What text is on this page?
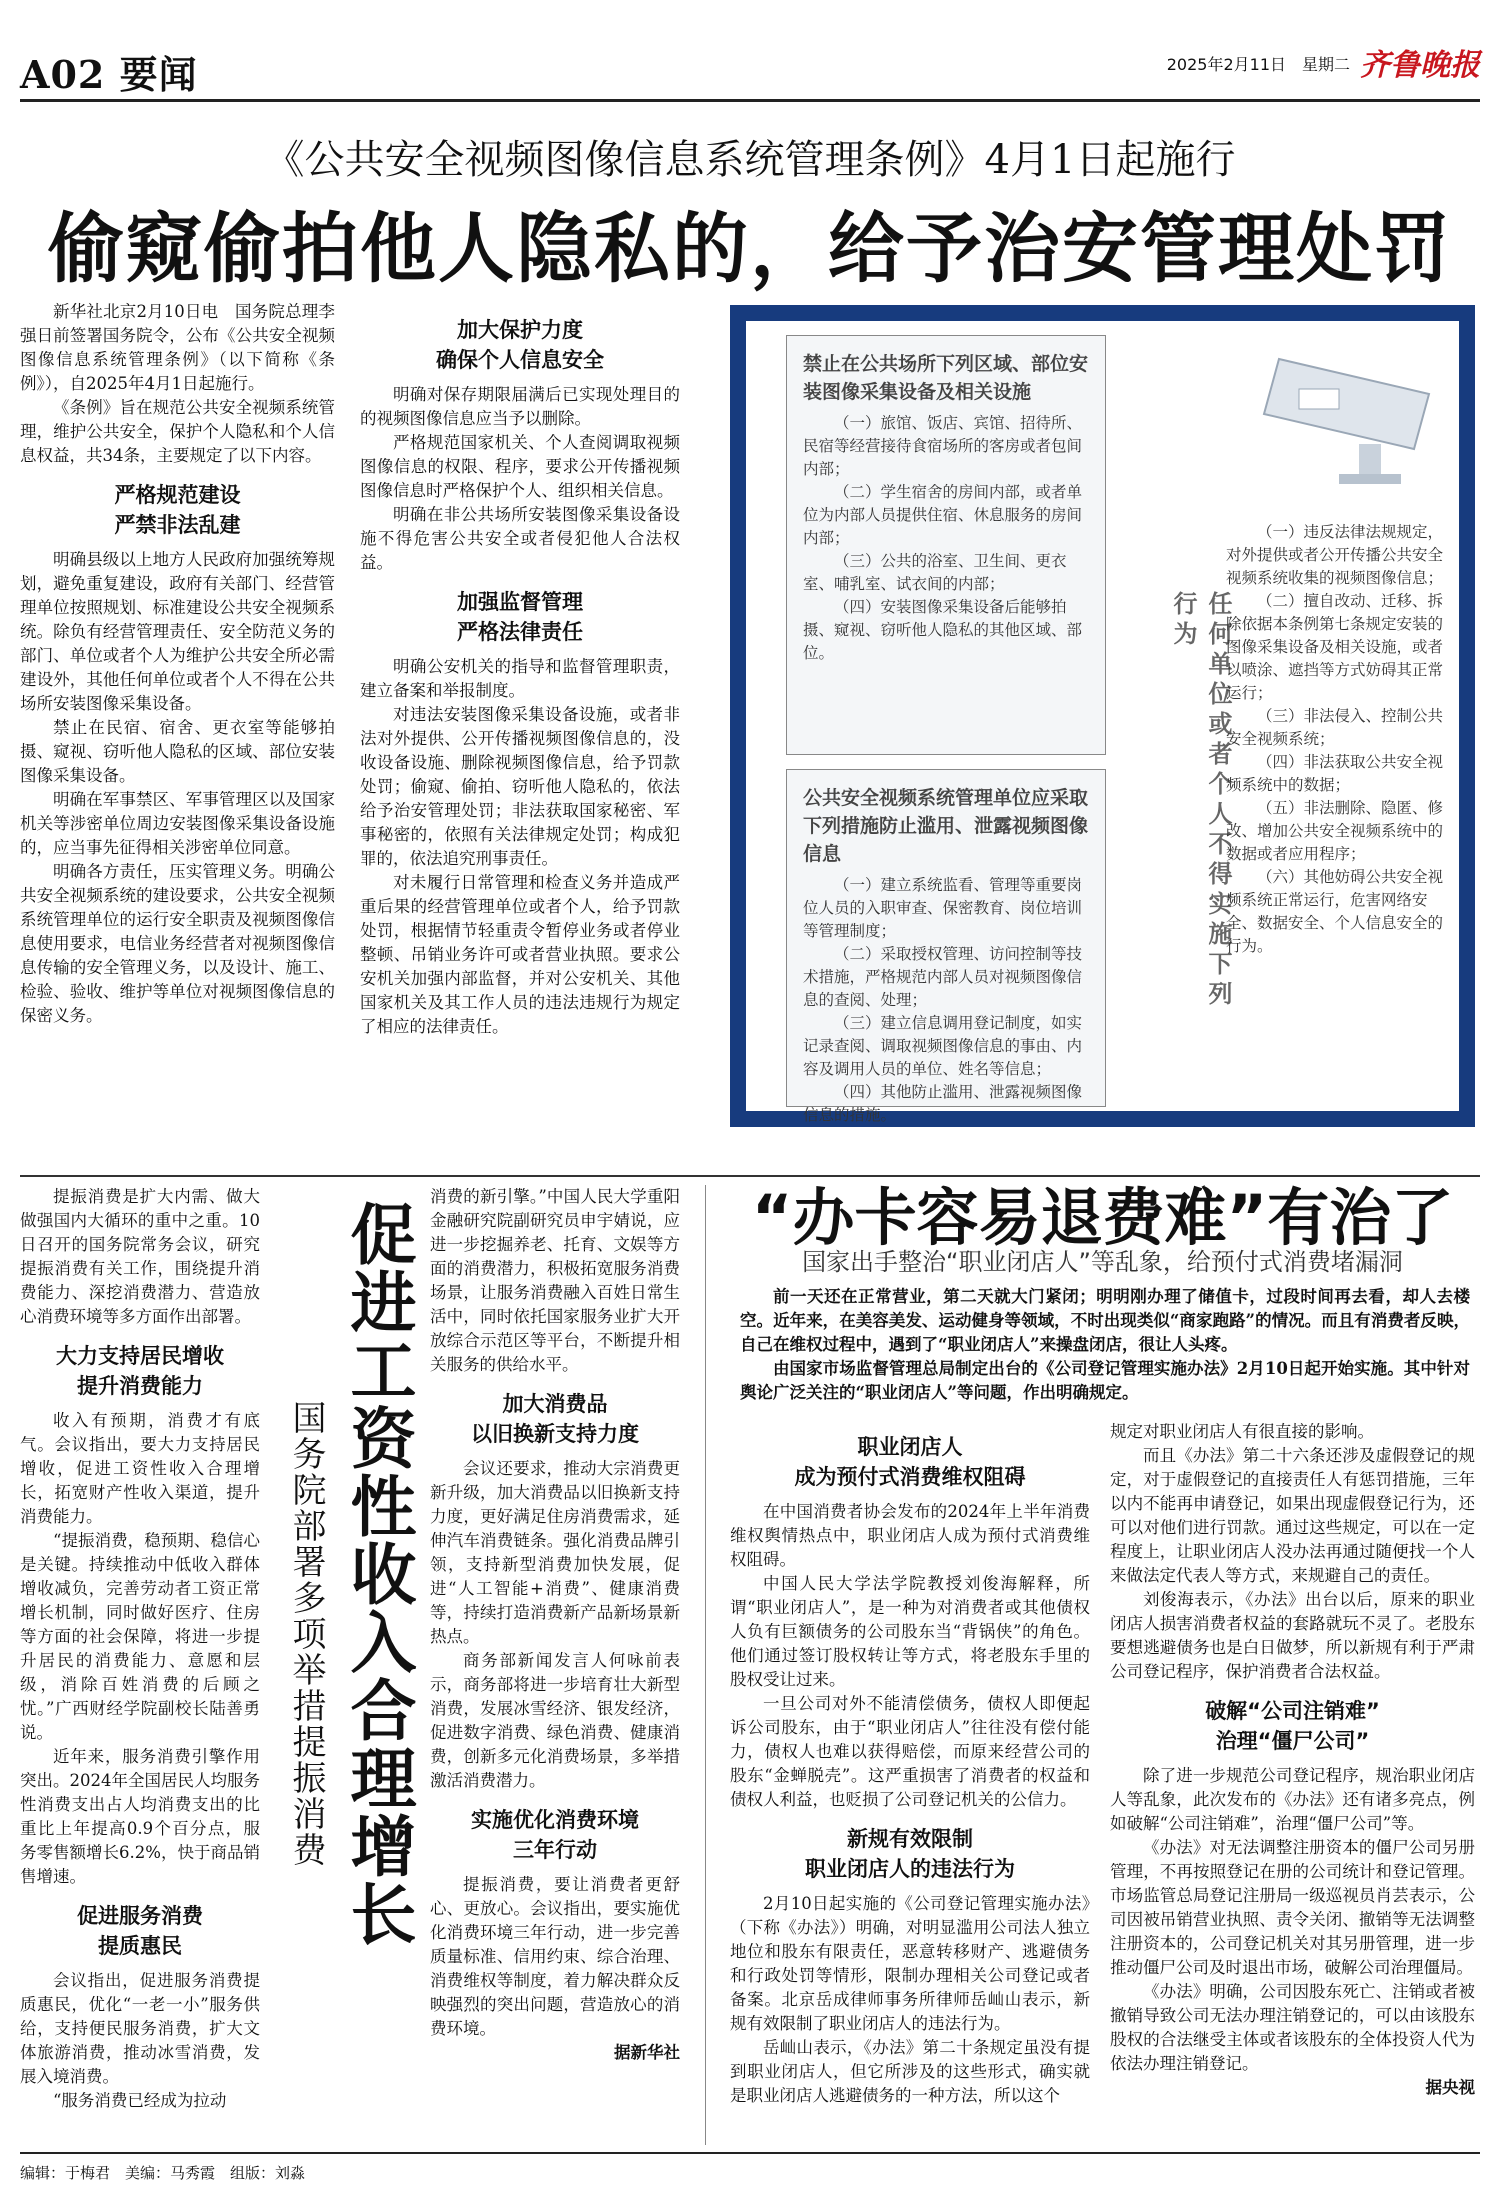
A02 要闻	2025年2月11日　星期二 齐鲁晚报
《公共安全视频图像信息系统管理条例》4月1日起施行
偷窥偷拍他人隐私的，给予治安管理处罚

新华社北京2月10日电　国务院总理李强日前签署国务院令，公布《公共安全视频图像信息系统管理条例》（以下简称《条例》），自2025年4月1日起施行。

《条例》旨在规范公共安全视频系统管理，维护公共安全，保护个人隐私和个人信息权益，共34条，主要规定了以下内容。

严格规范建设
严禁非法乱建

明确县级以上地方人民政府加强统筹规划，避免重复建设，政府有关部门、经营管理单位按照规划、标准建设公共安全视频系统。除负有经营管理责任、安全防范义务的部门、单位或者个人为维护公共安全所必需建设外，其他任何单位或者个人不得在公共场所安装图像采集设备。

禁止在民宿、宿舍、更衣室等能够拍摄、窥视、窃听他人隐私的区域、部位安装图像采集设备。

明确在军事禁区、军事管理区以及国家机关等涉密单位周边安装图像采集设备设施的，应当事先征得相关涉密单位同意。

明确各方责任，压实管理义务。明确公共安全视频系统的建设要求，公共安全视频系统管理单位的运行安全职责及视频图像信息使用要求，电信业务经营者对视频图像信息传输的安全管理义务，以及设计、施工、检验、验收、维护等单位对视频图像信息的保密义务。

加大保护力度
确保个人信息安全

明确对保存期限届满后已实现处理目的的视频图像信息应当予以删除。

严格规范国家机关、个人查阅调取视频图像信息的权限、程序，要求公开传播视频图像信息时严格保护个人、组织相关信息。

明确在非公共场所安装图像采集设备设施不得危害公共安全或者侵犯他人合法权益。

加强监督管理
严格法律责任

明确公安机关的指导和监督管理职责，建立备案和举报制度。

对违法安装图像采集设备设施，或者非法对外提供、公开传播视频图像信息的，没收设备设施、删除视频图像信息，给予罚款处罚；偷窥、偷拍、窃听他人隐私的，依法给予治安管理处罚；非法获取国家秘密、军事秘密的，依照有关法律规定处罚；构成犯罪的，依法追究刑事责任。

对未履行日常管理和检查义务并造成严重后果的经营管理单位或者个人，给予罚款处罚，根据情节轻重责令暂停业务或者停业整顿、吊销业务许可或者营业执照。要求公安机关加强内部监督，并对公安机关、其他国家机关及其工作人员的违法违规行为规定了相应的法律责任。

禁止在公共场所下列区域、部位安装图像采集设备及相关设施

（一）旅馆、饭店、宾馆、招待所、民宿等经营接待食宿场所的客房或者包间内部；

（二）学生宿舍的房间内部，或者单位为内部人员提供住宿、休息服务的房间内部；

（三）公共的浴室、卫生间、更衣室、哺乳室、试衣间的内部；

（四）安装图像采集设备后能够拍摄、窥视、窃听他人隐私的其他区域、部位。

公共安全视频系统管理单位应采取下列措施防止滥用、泄露视频图像信息

（一）建立系统监看、管理等重要岗位人员的入职审查、保密教育、岗位培训等管理制度；

（二）采取授权管理、访问控制等技术措施，严格规范内部人员对视频图像信息的查阅、处理；

（三）建立信息调用登记制度，如实记录查阅、调取视频图像信息的事由、内容及调用人员的单位、姓名等信息；

（四）其他防止滥用、泄露视频图像信息的措施。

任何单位或者个人不得实施下列行为

（一）违反法律法规规定，对外提供或者公开传播公共安全视频系统收集的视频图像信息；

（二）擅自改动、迁移、拆除依据本条例第七条规定安装的图像采集设备及相关设施，或者以喷涂、遮挡等方式妨碍其正常运行；

（三）非法侵入、控制公共安全视频系统；

（四）非法获取公共安全视频系统中的数据；

（五）非法删除、隐匿、修改、增加公共安全视频系统中的数据或者应用程序；

（六）其他妨碍公共安全视频系统正常运行，危害网络安全、数据安全、个人信息安全的行为。

提振消费是扩大内需、做大做强国内大循环的重中之重。10日召开的国务院常务会议，研究提振消费有关工作，围绕提升消费能力、深挖消费潜力、营造放心消费环境等多方面作出部署。

大力支持居民增收
提升消费能力

收入有预期，消费才有底气。会议指出，要大力支持居民增收，促进工资性收入合理增长，拓宽财产性收入渠道，提升消费能力。

“提振消费，稳预期、稳信心是关键。持续推动中低收入群体增收减负，完善劳动者工资正常增长机制，同时做好医疗、住房等方面的社会保障，将进一步提升居民的消费能力、意愿和层级，消除百姓消费的后顾之忧。”广西财经学院副校长陆善勇说。

近年来，服务消费引擎作用突出。2024年全国居民人均服务性消费支出占人均消费支出的比重比上年提高0.9个百分点，服务零售额增长6.2%，快于商品销售增速。

促进服务消费
提质惠民

会议指出，促进服务消费提质惠民，优化“一老一小”服务供给，支持便民服务消费，扩大文体旅游消费，推动冰雪消费，发展入境消费。

“服务消费已经成为拉动

促进工资性收入合理增长
国务院部署多项举措提振消费

消费的新引擎。”中国人民大学重阳金融研究院副研究员申宇婧说，应进一步挖掘养老、托育、文娱等方面的消费潜力，积极拓宽服务消费场景，让服务消费融入百姓日常生活中，同时依托国家服务业扩大开放综合示范区等平台，不断提升相关服务的供给水平。

加大消费品
以旧换新支持力度

会议还要求，推动大宗消费更新升级，加大消费品以旧换新支持力度，更好满足住房消费需求，延伸汽车消费链条。强化消费品牌引领，支持新型消费加快发展，促进“人工智能+消费”、健康消费等，持续打造消费新产品新场景新热点。

商务部新闻发言人何咏前表示，商务部将进一步培育壮大新型消费，发展冰雪经济、银发经济，促进数字消费、绿色消费、健康消费，创新多元化消费场景，多举措激活消费潜力。

实施优化消费环境
三年行动

提振消费，要让消费者更舒心、更放心。会议指出，要实施优化消费环境三年行动，进一步完善质量标准、信用约束、综合治理、消费维权等制度，着力解决群众反映强烈的突出问题，营造放心的消费环境。

据新华社
“办卡容易退费难”有治了
国家出手整治“职业闭店人”等乱象，给预付式消费堵漏洞

前一天还在正常营业，第二天就大门紧闭；明明刚办理了储值卡，过段时间再去看，却人去楼空。近年来，在美容美发、运动健身等领域，不时出现类似“商家跑路”的情况。而且有消费者反映，自己在维权过程中，遇到了“职业闭店人”来操盘闭店，很让人头疼。

由国家市场监督管理总局制定出台的《公司登记管理实施办法》2月10日起开始实施。其中针对舆论广泛关注的“职业闭店人”等问题，作出明确规定。

职业闭店人
成为预付式消费维权阻碍

在中国消费者协会发布的2024年上半年消费维权舆情热点中，职业闭店人成为预付式消费维权阻碍。

中国人民大学法学院教授刘俊海解释，所谓“职业闭店人”，是一种为对消费者或其他债权人负有巨额债务的公司股东当“背锅侠”的角色。他们通过签订股权转让等方式，将老股东手里的股权受让过来。

一旦公司对外不能清偿债务，债权人即便起诉公司股东，由于“职业闭店人”往往没有偿付能力，债权人也难以获得赔偿，而原来经营公司的股东“金蝉脱壳”。这严重损害了消费者的权益和债权人利益，也贬损了公司登记机关的公信力。

新规有效限制
职业闭店人的违法行为

2月10日起实施的《公司登记管理实施办法》（下称《办法》）明确，对明显滥用公司法人独立地位和股东有限责任，恶意转移财产、逃避债务和行政处罚等情形，限制办理相关公司登记或者备案。北京岳成律师事务所律师岳屾山表示，新规有效限制了职业闭店人的违法行为。

岳屾山表示，《办法》第二十条规定虽没有提到职业闭店人，但它所涉及的这些形式，确实就是职业闭店人逃避债务的一种方法，所以这个

规定对职业闭店人有很直接的影响。

而且《办法》第二十六条还涉及虚假登记的规定，对于虚假登记的直接责任人有惩罚措施，三年以内不能再申请登记，如果出现虚假登记行为，还可以对他们进行罚款。通过这些规定，可以在一定程度上，让职业闭店人没办法再通过随便找一个人来做法定代表人等方式，来规避自己的责任。

刘俊海表示，《办法》出台以后，原来的职业闭店人损害消费者权益的套路就玩不灵了。老股东要想逃避债务也是白日做梦，所以新规有利于严肃公司登记程序，保护消费者合法权益。

破解“公司注销难”
治理“僵尸公司”

除了进一步规范公司登记程序，规治职业闭店人等乱象，此次发布的《办法》还有诸多亮点，例如破解“公司注销难”，治理“僵尸公司”等。

《办法》对无法调整注册资本的僵尸公司另册管理，不再按照登记在册的公司统计和登记管理。市场监管总局登记注册局一级巡视员肖芸表示，公司因被吊销营业执照、责令关闭、撤销等无法调整注册资本的，公司登记机关对其另册管理，进一步推动僵尸公司及时退出市场，破解公司治理僵局。

《办法》明确，公司因股东死亡、注销或者被撤销导致公司无法办理注销登记的，可以由该股东股权的合法继受主体或者该股东的全体投资人代为依法办理注销登记。

据央视
编辑：于梅君　美编：马秀霞　组版：刘淼
